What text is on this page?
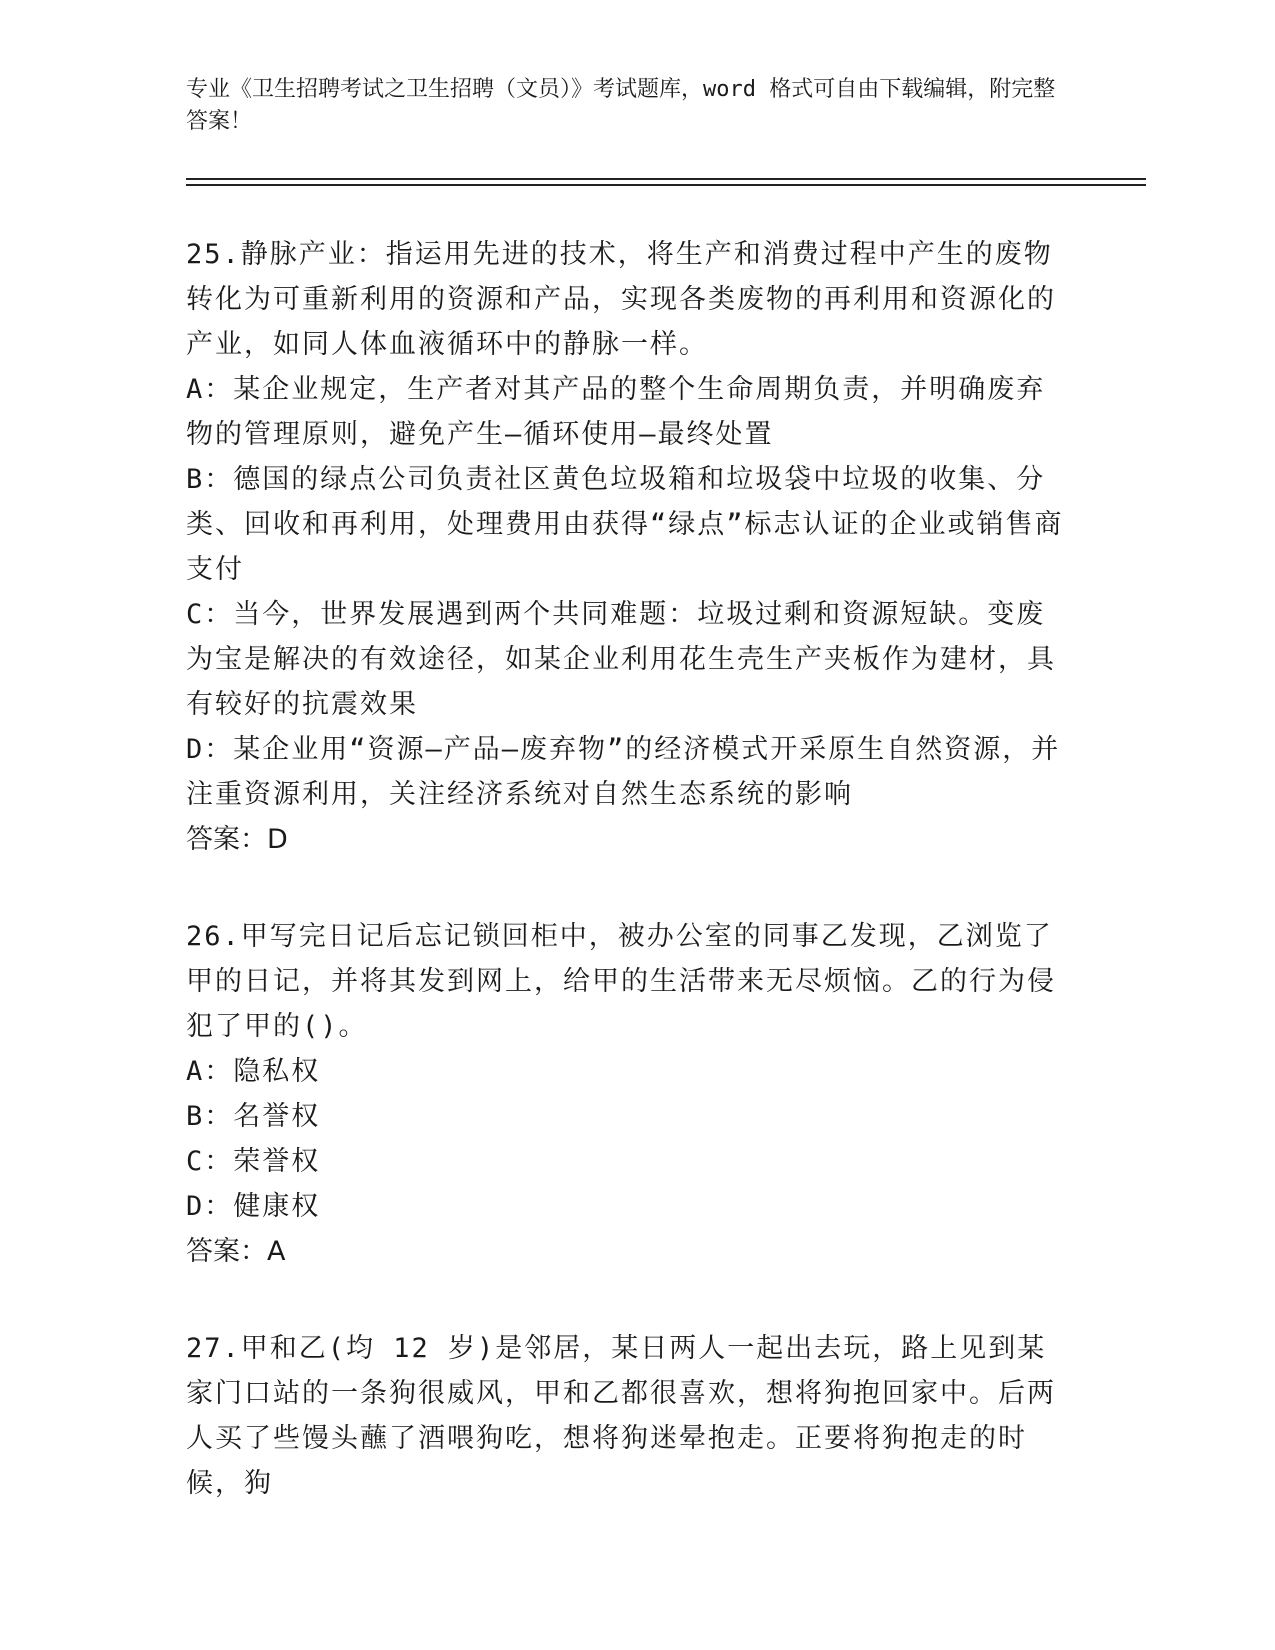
专业《卫生招聘考试之卫生招聘（文员）》考试题库，word 格式可自由下载编辑，附完整答案！

25.静脉产业：指运用先进的技术，将生产和消费过程中产生的废物转化为可重新利用的资源和产品，实现各类废物的再利用和资源化的产业，如同人体血液循环中的静脉一样。

A：某企业规定，生产者对其产品的整个生命周期负责，并明确废弃物的管理原则，避免产生—循环使用—最终处置

B：德国的绿点公司负责社区黄色垃圾箱和垃圾袋中垃圾的收集、分类、回收和再利用，处理费用由获得“绿点”标志认证的企业或销售商支付

C：当今，世界发展遇到两个共同难题：垃圾过剩和资源短缺。变废为宝是解决的有效途径，如某企业利用花生壳生产夹板作为建材，具有较好的抗震效果

D：某企业用“资源—产品—废弃物”的经济模式开采原生自然资源，并注重资源利用，关注经济系统对自然生态系统的影响

答案：D

26.甲写完日记后忘记锁回柜中，被办公室的同事乙发现，乙浏览了甲的日记，并将其发到网上，给甲的生活带来无尽烦恼。乙的行为侵犯了甲的()。

A：隐私权

B：名誉权

C：荣誉权

D：健康权

答案：A

27.甲和乙(均 12 岁)是邻居，某日两人一起出去玩，路上见到某家门口站的一条狗很威风，甲和乙都很喜欢，想将狗抱回家中。后两人买了些馒头蘸了酒喂狗吃，想将狗迷晕抱走。正要将狗抱走的时候，狗
